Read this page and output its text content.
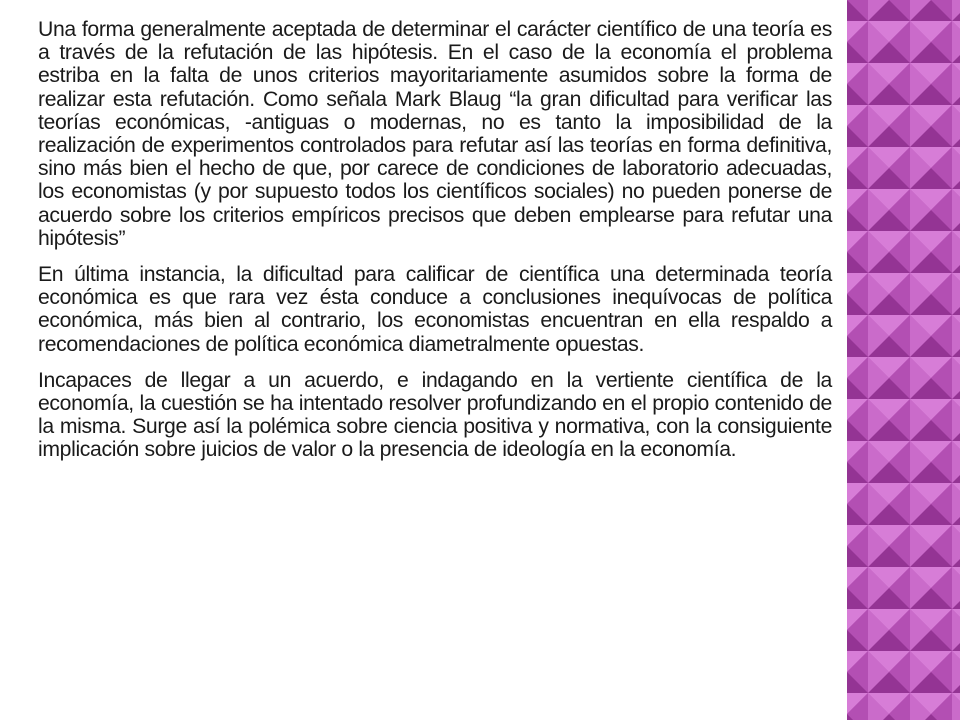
Una forma generalmente aceptada de determinar el carácter científico de una teoría es a través de la refutación de las hipótesis. En el caso de la economía el problema estriba en la falta de unos criterios mayoritariamente asumidos sobre la forma de realizar esta refutación. Como señala Mark Blaug “la gran dificultad para verificar las teorías económicas, -antiguas o modernas, no es tanto la imposibilidad de la realización de experimentos controlados para refutar así las teorías en forma definitiva, sino más bien el hecho de que, por carece de condiciones de laboratorio adecuadas, los economistas (y por supuesto todos los científicos sociales) no pueden ponerse de acuerdo sobre los criterios empíricos precisos que deben emplearse para refutar una hipótesis”

En última instancia, la dificultad para calificar de científica una determinada teoría económica es que rara vez ésta conduce a conclusiones inequívocas de política económica, más bien al contrario, los economistas encuentran en ella respaldo a recomendaciones de política económica diametralmente opuestas.

Incapaces de llegar a un acuerdo, e indagando en la vertiente científica de la economía, la cuestión se ha intentado resolver profundizando en el propio contenido de la misma. Surge así la polémica sobre ciencia positiva y normativa, con la consiguiente implicación sobre juicios de valor o la presencia de ideología en la economía.
